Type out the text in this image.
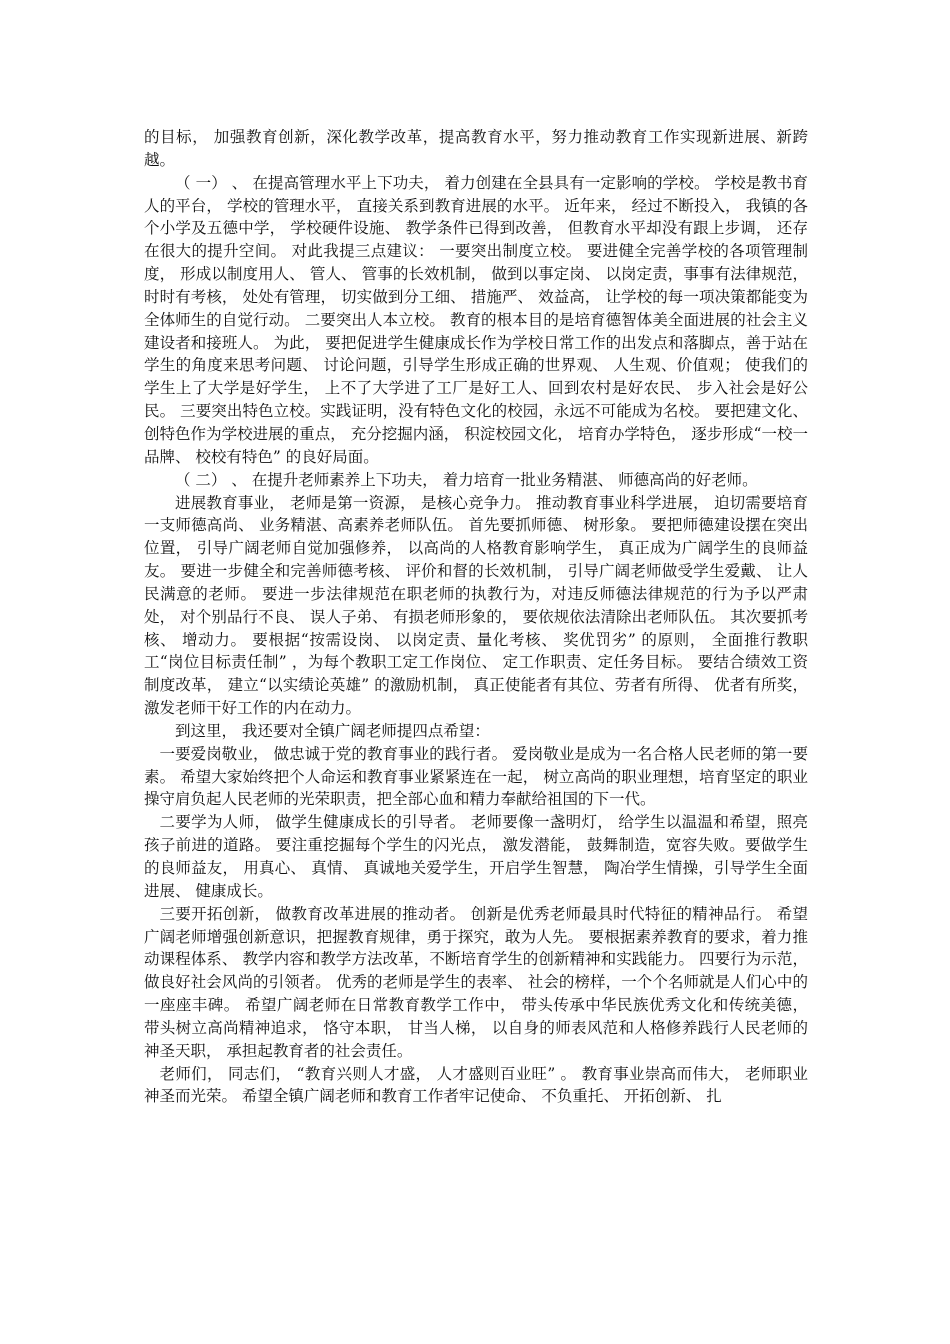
的目标， 加强教育创新，深化教学改革，提高教育水平，努力推动教育工作实现新进展、新跨越。

（ 一） 、 在提高管理水平上下功夫， 着力创建在全县具有一定影响的学校。 学校是教书育人的平台， 学校的管理水平， 直接关系到教育进展的水平。 近年来， 经过不断投入， 我镇的各个小学及五德中学， 学校硬件设施、 教学条件已得到改善， 但教育水平却没有跟上步调， 还存在很大的提升空间。 对此我提三点建议： 一要突出制度立校。 要进健全完善学校的各项管理制度， 形成以制度用人、 管人、 管事的长效机制， 做到以事定岗、 以岗定责，事事有法律规范， 时时有考核， 处处有管理， 切实做到分工细、 措施严、 效益高， 让学校的每一项决策都能变为全体师生的自觉行动。 二要突出人本立校。 教育的根本目的是培育德智体美全面进展的社会主义建设者和接班人。 为此， 要把促进学生健康成长作为学校日常工作的出发点和落脚点，善于站在学生的角度来思考问题、 讨论问题，引导学生形成正确的世界观、 人生观、价值观； 使我们的学生上了大学是好学生， 上不了大学进了工厂是好工人、回到农村是好农民、 步入社会是好公民。 三要突出特色立校。实践证明，没有特色文化的校园，永远不可能成为名校。 要把建文化、创特色作为学校进展的重点， 充分挖掘内涵， 积淀校园文化， 培育办学特色， 逐步形成“一校一品牌、 校校有特色” 的良好局面。

（ 二） 、 在提升老师素养上下功夫， 着力培育一批业务精湛、 师德高尚的好老师。

进展教育事业， 老师是第一资源， 是核心竞争力。 推动教育事业科学进展， 迫切需要培育一支师德高尚、 业务精湛、高素养老师队伍。 首先要抓师德、 树形象。 要把师德建设摆在突出位置， 引导广阔老师自觉加强修养， 以高尚的人格教育影响学生， 真正成为广阔学生的良师益友。 要进一步健全和完善师德考核、 评价和督的长效机制， 引导广阔老师做受学生爱戴、 让人民满意的老师。 要进一步法律规范在职老师的执教行为，对违反师德法律规范的行为予以严肃处， 对个别品行不良、 误人子弟、 有损老师形象的， 要依规依法清除出老师队伍。 其次要抓考核、 增动力。 要根据“按需设岗、 以岗定责、量化考核、 奖优罚劣” 的原则， 全面推行教职工“岗位目标责任制” ，为每个教职工定工作岗位、 定工作职责、定任务目标。 要结合绩效工资制度改革， 建立“以实绩论英雄” 的激励机制， 真正使能者有其位、劳者有所得、 优者有所奖， 激发老师干好工作的内在动力。

到这里， 我还要对全镇广阔老师提四点希望：

一要爱岗敬业， 做忠诚于党的教育事业的践行者。 爱岗敬业是成为一名合格人民老师的第一要素。 希望大家始终把个人命运和教育事业紧紧连在一起， 树立高尚的职业理想，培育坚定的职业操守肩负起人民老师的光荣职责，把全部心血和精力奉献给祖国的下一代。

二要学为人师， 做学生健康成长的引导者。 老师要像一盏明灯， 给学生以温温和希望，照亮孩子前进的道路。 要注重挖掘每个学生的闪光点， 激发潜能， 鼓舞制造，宽容失败。要做学生的良师益友， 用真心、 真情、 真诚地关爱学生，开启学生智慧， 陶冶学生情操，引导学生全面进展、 健康成长。

三要开拓创新， 做教育改革进展的推动者。 创新是优秀老师最具时代特征的精神品行。 希望广阔老师增强创新意识，把握教育规律，勇于探究，敢为人先。 要根据素养教育的要求，着力推动课程体系、 教学内容和教学方法改革，不断培育学生的创新精神和实践能力。 四要行为示范，做良好社会风尚的引领者。 优秀的老师是学生的表率、 社会的榜样，一个个名师就是人们心中的一座座丰碑。 希望广阔老师在日常教育教学工作中， 带头传承中华民族优秀文化和传统美德， 带头树立高尚精神追求， 恪守本职， 甘当人梯， 以自身的师表风范和人格修养践行人民老师的神圣天职， 承担起教育者的社会责任。

老师们， 同志们， “教育兴则人才盛， 人才盛则百业旺” 。 教育事业崇高而伟大， 老师职业神圣而光荣。 希望全镇广阔老师和教育工作者牢记使命、 不负重托、 开拓创新、 扎
